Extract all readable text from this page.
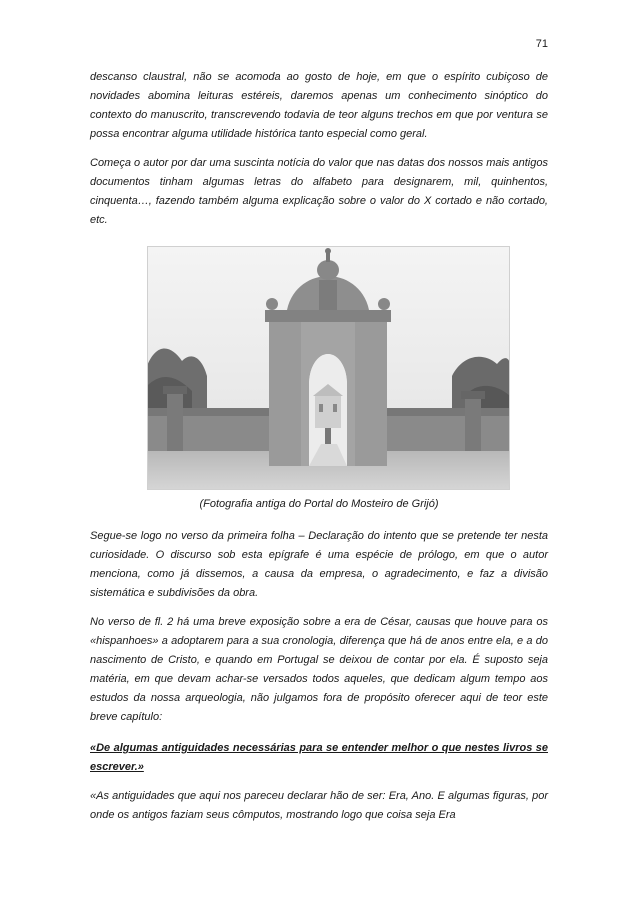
71

descanso claustral, não se acomoda ao gosto de hoje, em que o espírito cubiçoso de novidades abomina leituras estéreis, daremos apenas um conhecimento sinóptico do contexto do manuscrito, transcrevendo todavia de teor alguns trechos em que por ventura se possa encontrar alguma utilidade histórica tanto especial como geral.

Começa o autor por dar uma suscinta notícia do valor que nas datas dos nossos mais antigos documentos tinham algumas letras do alfabeto para designarem, mil, quinhentos, cinquenta…, fazendo também alguma explicação sobre o valor do X cortado e não cortado, etc.

(Fotografia antiga do Portal do Mosteiro de Grijó)

Segue-se logo no verso da primeira folha – Declaração do intento que se pretende ter nesta curiosidade. O discurso sob esta epígrafe é uma espécie de prólogo, em que o autor menciona, como já dissemos, a causa da empresa, o agradecimento, e faz a divisão sistemática e subdivisões da obra.

No verso de fl. 2 há uma breve exposição sobre a era de César, causas que houve para os «hispanhoes» a adoptarem para a sua cronologia, diferença que há de anos entre ela, e a do nascimento de Cristo, e quando em Portugal se deixou de contar por ela. É suposto seja matéria, em que devam achar-se versados todos aqueles, que dedicam algum tempo aos estudos da nossa arqueologia, não julgamos fora de propósito oferecer aqui de teor este breve capítulo:

«De algumas antiguidades necessárias para se entender melhor o que nestes livros se escrever.»

«As antiguidades que aqui nos pareceu declarar hão de ser: Era, Ano. E algumas figuras, por onde os antigos faziam seus cômputos, mostrando logo que coisa seja Era
